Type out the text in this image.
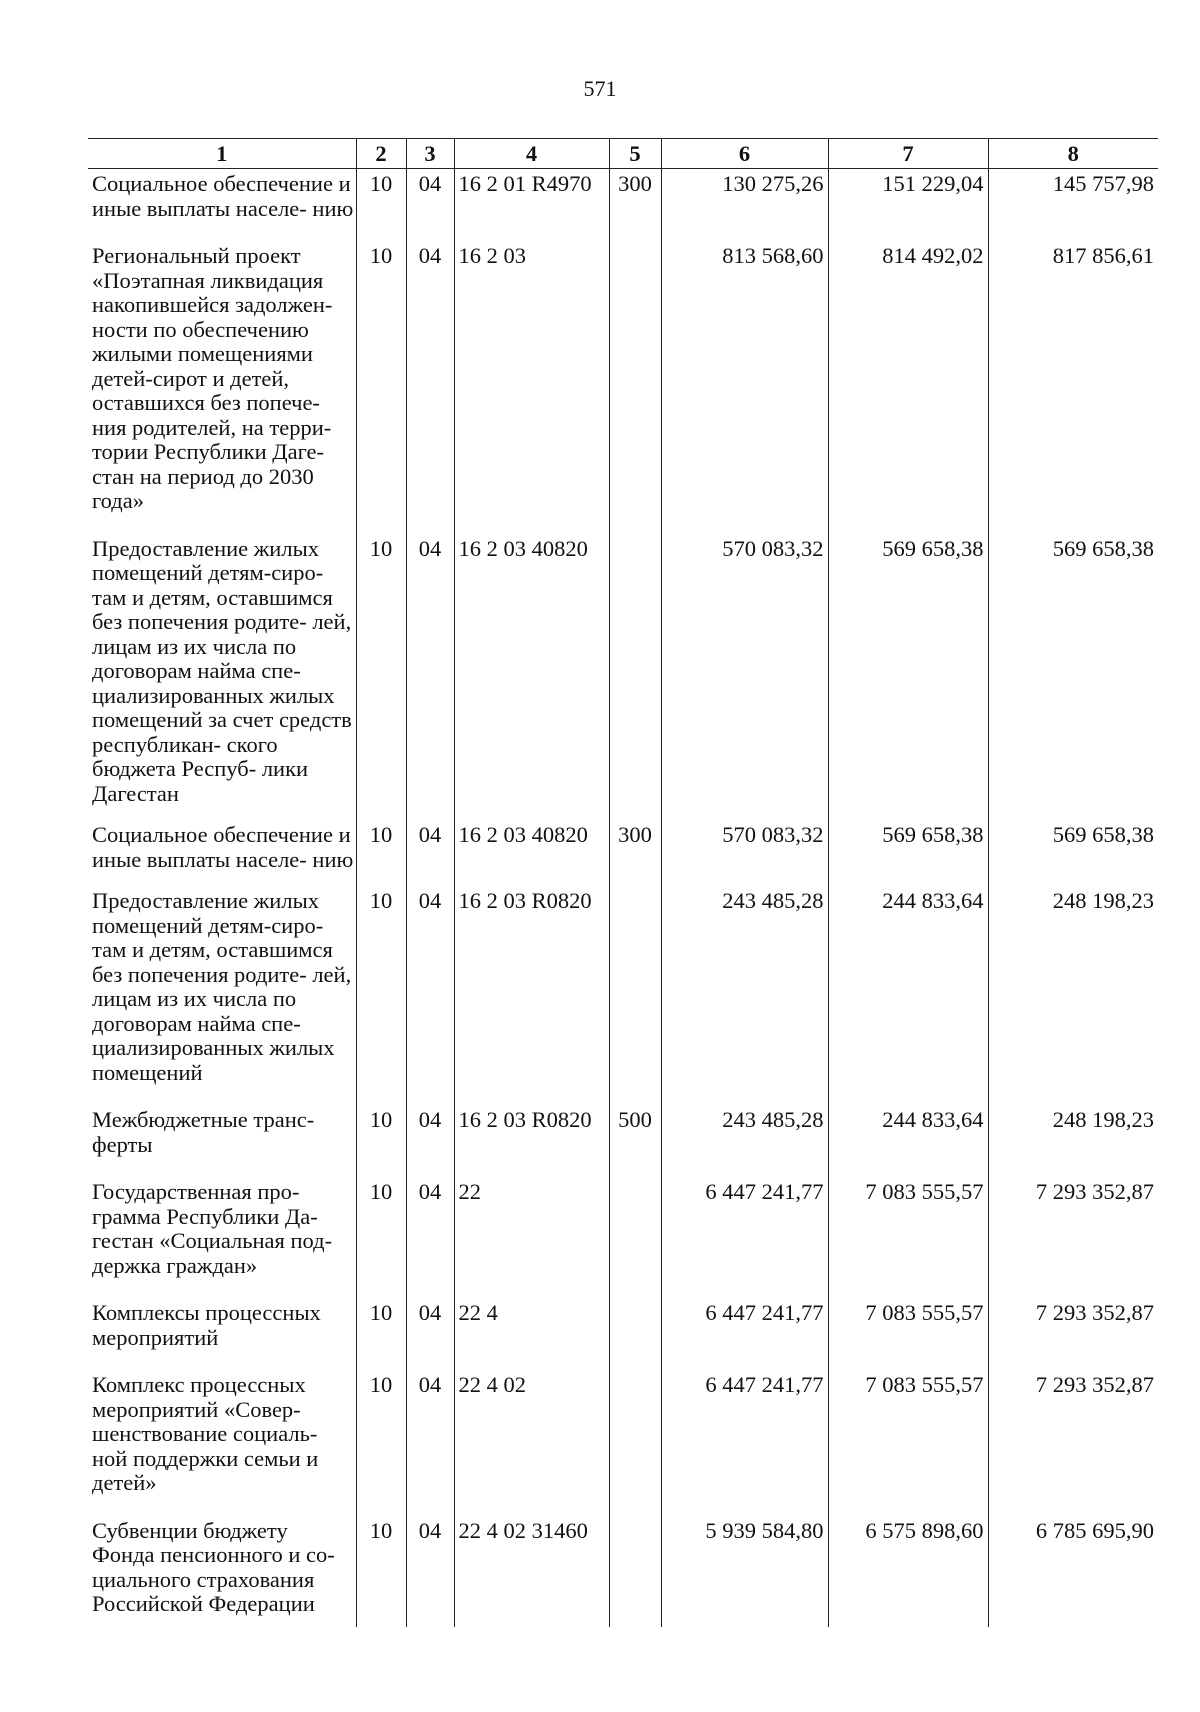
571
1	2	3	4	5	6	7	8
Социальное обеспечение и иные выплаты населе- нию	10	04	16 2 01 R4970	300	130 275,26	151 229,04	145 757,98
Региональный проект «Поэтапная ликвидация накопившейся задолжен- ности по обеспечению жилыми помещениями детей-сирот и детей, оставшихся без попече- ния родителей, на терри- тории Республики Даге- стан на период до 2030 года»	10	04	16 2 03		813 568,60	814 492,02	817 856,61
Предоставление жилых помещений детям-сиро- там и детям, оставшимся без попечения родите- лей, лицам из их числа по договорам найма спе- циализированных жилых помещений за счет средств республикан- ского бюджета Респуб- лики Дагестан	10	04	16 2 03 40820		570 083,32	569 658,38	569 658,38
Социальное обеспечение и иные выплаты населе- нию	10	04	16 2 03 40820	300	570 083,32	569 658,38	569 658,38
Предоставление жилых помещений детям-сиро- там и детям, оставшимся без попечения родите- лей, лицам из их числа по договорам найма спе- циализированных жилых помещений	10	04	16 2 03 R0820		243 485,28	244 833,64	248 198,23
Межбюджетные транс- ферты	10	04	16 2 03 R0820	500	243 485,28	244 833,64	248 198,23
Государственная про- грамма Республики Да- гестан «Социальная под- держка граждан»	10	04	22		6 447 241,77	7 083 555,57	7 293 352,87
Комплексы процессных мероприятий	10	04	22 4		6 447 241,77	7 083 555,57	7 293 352,87
Комплекс процессных мероприятий «Совер- шенствование социаль- ной поддержки семьи и детей»	10	04	22 4 02		6 447 241,77	7 083 555,57	7 293 352,87
Субвенции бюджету Фонда пенсионного и со- циального страхования Российской Федерации	10	04	22 4 02 31460		5 939 584,80	6 575 898,60	6 785 695,90
